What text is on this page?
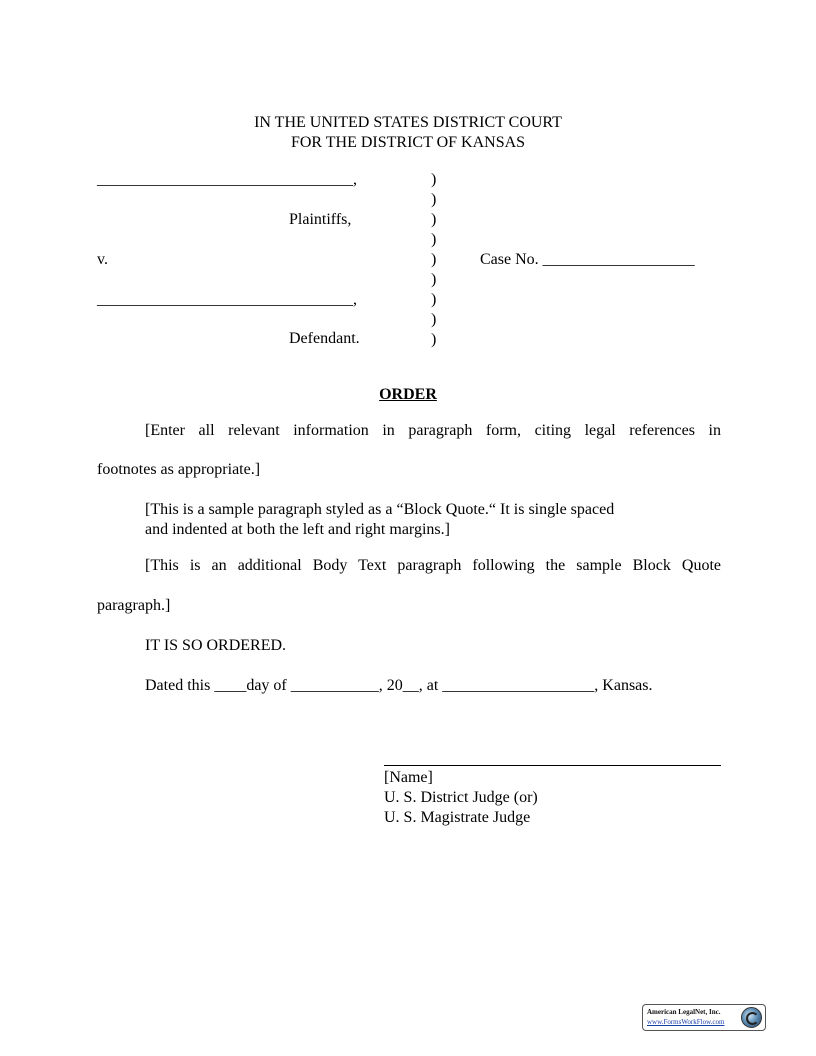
IN THE UNITED STATES DISTRICT COURT
FOR THE DISTRICT OF KANSAS
________________________________,
Plaintiffs,
v.
________________________________,
Defendant.
)
)
)
)
)
)
)
)
)
Case No. ___________________
ORDER
[Enter all relevant information in paragraph form, citing legal references in
footnotes as appropriate.]
[This is a sample paragraph styled as a “Block Quote.“ It is single spaced
and indented at both the left and right margins.]
[This is an additional Body Text paragraph following the sample Block Quote
paragraph.]
IT IS SO ORDERED.
Dated this ____day of ___________, 20__, at ___________________, Kansas.
[Name]
U. S. District Judge (or)
U. S. Magistrate Judge
American LegalNet, Inc.
www.FormsWorkFlow.com
